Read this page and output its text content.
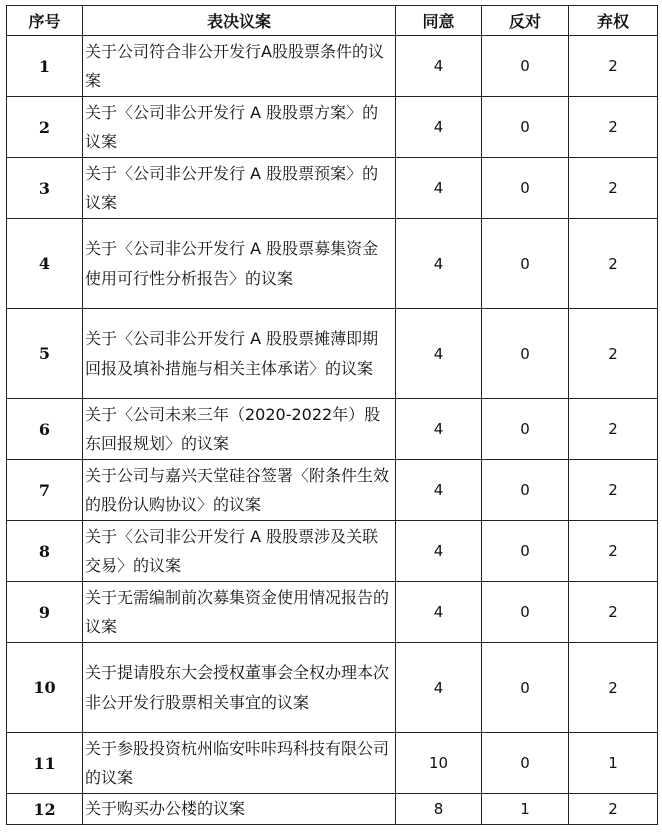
序号	表决议案	同意	反对	弃权
1	关于公司符合非公开发行A股股票条件的议案	4	0	2
2	关于〈公司非公开发行 A 股股票方案〉的议案	4	0	2
3	关于〈公司非公开发行 A 股股票预案〉的议案	4	0	2
4	关于〈公司非公开发行 A 股股票募集资金使用可行性分析报告〉的议案	4	0	2
5	关于〈公司非公开发行 A 股股票摊薄即期回报及填补措施与相关主体承诺〉的议案	4	0	2
6	关于〈公司未来三年（2020-2022年）股东回报规划〉的议案	4	0	2
7	关于公司与嘉兴天堂硅谷签署〈附条件生效的股份认购协议〉的议案	4	0	2
8	关于〈公司非公开发行 A 股股票涉及关联交易〉的议案	4	0	2
9	关于无需编制前次募集资金使用情况报告的议案	4	0	2
10	关于提请股东大会授权董事会全权办理本次非公开发行股票相关事宜的议案	4	0	2
11	关于参股投资杭州临安咔咔玛科技有限公司的议案	10	0	1
12	关于购买办公楼的议案	8	1	2
